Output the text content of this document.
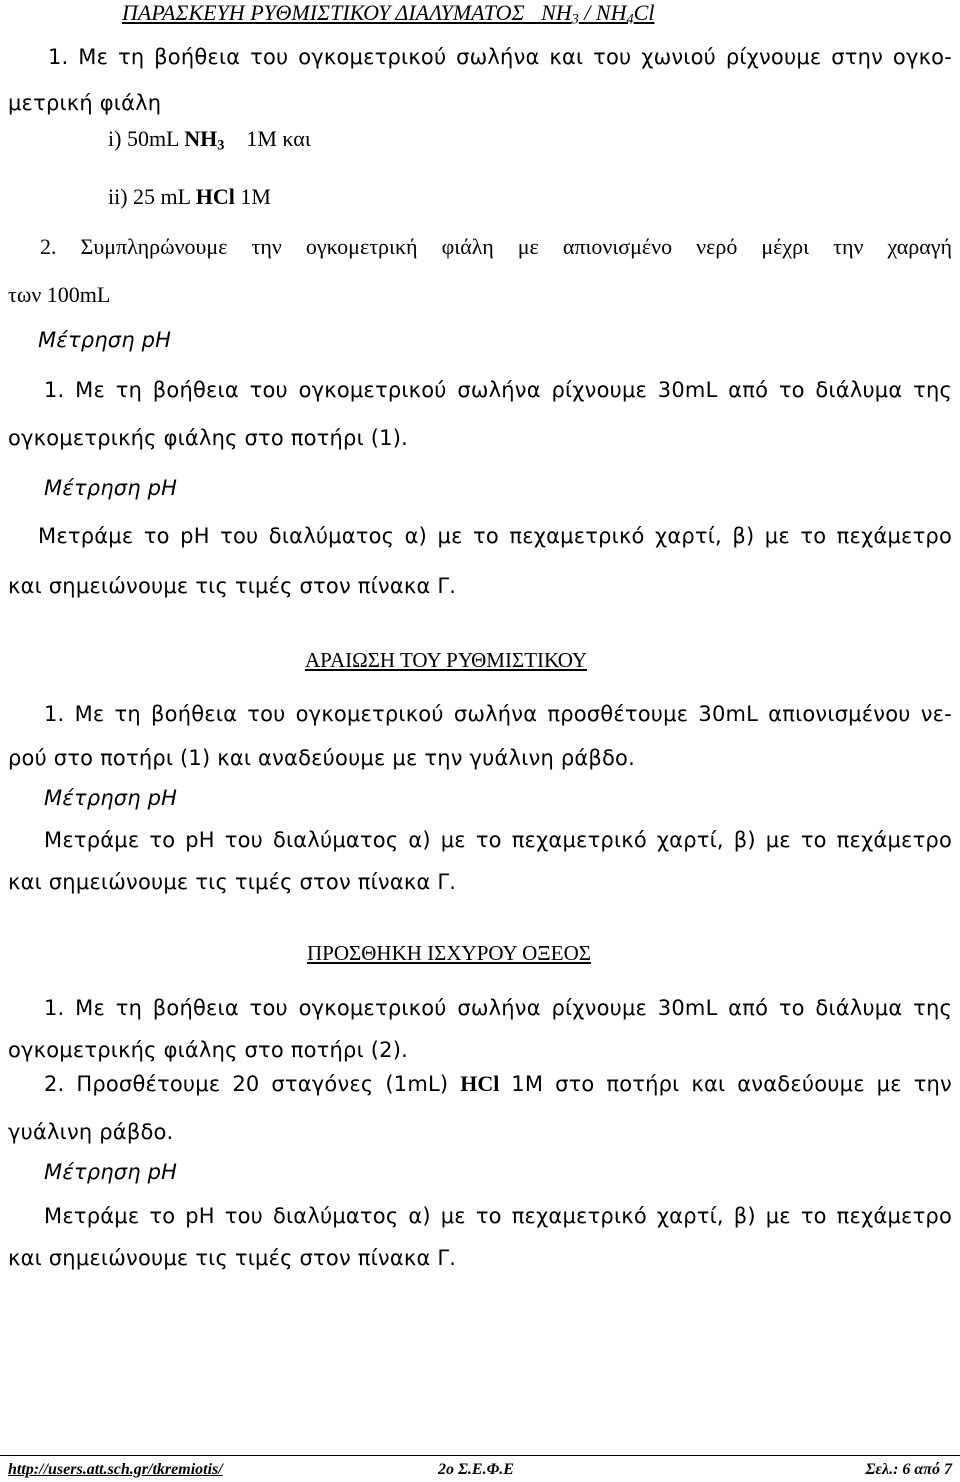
ΠΑΡΑΣΚΕΥΗ ΡΥΘΜΙΣΤΙΚΟΥ ΔΙΑΛΥΜΑΤΟΣ $NH_3 / NH_4Cl$
1. Με τη βοήθεια του ογκομετρικού σωλήνα και του χωνιού ρίχνουμε στην ογκο-
μετρική φιάλη
i) 50mL $NH_3$ 1M και
ii) 25 mL HCl 1M
2. Συμπληρώνουμε την ογκομετρική φιάλη με απιονισμένο νερό μέχρι την χαραγή
των 100mL
Μέτρηση pH
1. Με τη βοήθεια του ογκομετρικού σωλήνα ρίχνουμε 30mL από το διάλυμα της
ογκομετρικής φιάλης στο ποτήρι (1).
Μέτρηση pH
Μετράμε το pH του διαλύματος α) με το πεχαμετρικό χαρτί, β) με το πεχάμετρο
και σημειώνουμε τις τιμές στον πίνακα Γ.
ΑΡΑΙΩΣΗ ΤΟΥ ΡΥΘΜΙΣΤΙΚΟΥ
1. Με τη βοήθεια του ογκομετρικού σωλήνα προσθέτουμε 30mL απιονισμένου νε-
ρού στο ποτήρι (1) και αναδεύουμε με την γυάλινη ράβδο.
Μέτρηση pH
Μετράμε το pH του διαλύματος α) με το πεχαμετρικό χαρτί, β) με το πεχάμετρο
και σημειώνουμε τις τιμές στον πίνακα Γ.
ΠΡΟΣΘΗΚΗ ΙΣΧΥΡΟΥ ΟΞΕΟΣ
1. Με τη βοήθεια του ογκομετρικού σωλήνα ρίχνουμε 30mL από το διάλυμα της
ογκομετρικής φιάλης στο ποτήρι (2).
2. Προσθέτουμε 20 σταγόνες (1mL) HCl 1M στο ποτήρι και αναδεύουμε με την
γυάλινη ράβδο.
Μέτρηση pH
Μετράμε το pH του διαλύματος α) με το πεχαμετρικό χαρτί, β) με το πεχάμετρο
και σημειώνουμε τις τιμές στον πίνακα Γ.
http://users.att.sch.gr/tkremiotis/	2ο Σ.Ε.Φ.Ε	Σελ.: 6 από 7
